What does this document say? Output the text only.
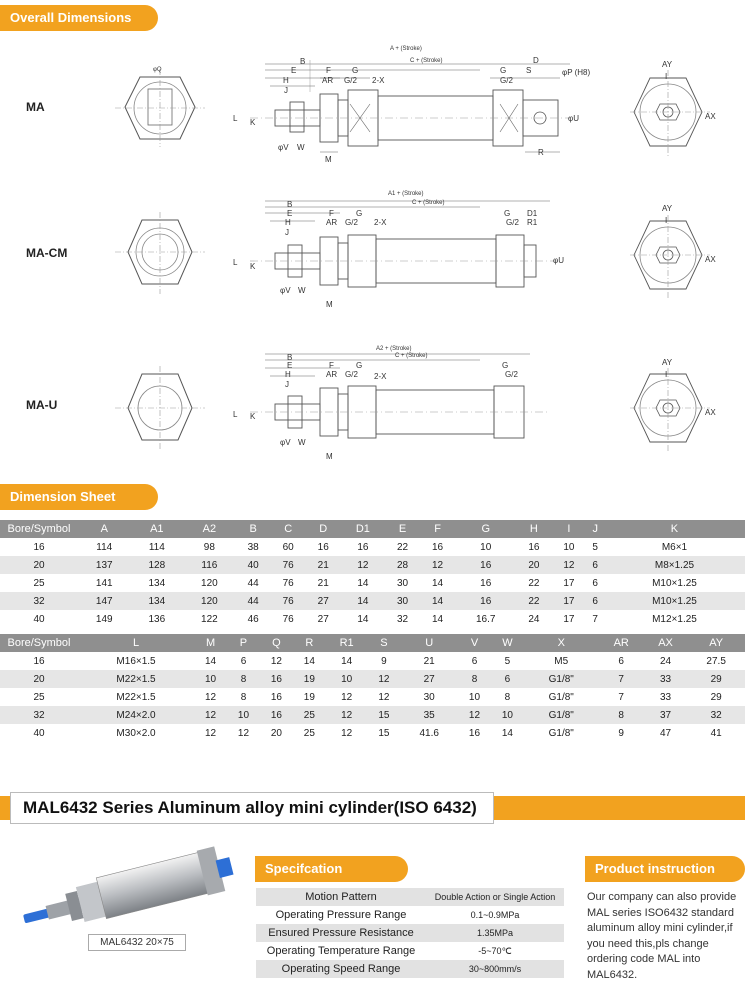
Overall Dimensions
MA
MA-CM
MA-U
φQ
A + (Stroke)
C + (Stroke)
B
E	F	G
H	AR G/2 2-X
J
G S
D
G/2
φP (H8)
L K	φU
φV W
M
R
AY
I
AX
A1 + (Stroke)
C + (Stroke)
B
E	F	G
H	AR G/2 2-X
J
G D1
G/2 R1
L K
φU
φV W
M
AY
I
AX
A2 + (Stroke)
C + (Stroke)
B
E	F	G
H	AR G/2 2-X
J
G
G/2
L K
φV W
M
AY
I
AX
Dimension Sheet
Bore/Symbol	A	A1	A2	B	C	D	D1	E	F	G	H	I	J	K
16	114	114	98	38	60	16	16	22	16	10	16	10	5	M6×1
20	137	128	116	40	76	21	12	28	12	16	20	12	6	M8×1.25
25	141	134	120	44	76	21	14	30	14	16	22	17	6	M10×1.25
32	147	134	120	44	76	27	14	30	14	16	22	17	6	M10×1.25
40	149	136	122	46	76	27	14	32	14	16.7	24	17	7	M12×1.25
Bore/Symbol	L	M	P	Q	R	R1	S	U	V	W	X	AR	AX	AY
16	M16×1.5	14	6	12	14	14	9	21	6	5	M5	6	24	27.5
20	M22×1.5	10	8	16	19	10	12	27	8	6	G1/8"	7	33	29
25	M22×1.5	12	8	16	19	12	12	30	10	8	G1/8"	7	33	29
32	M24×2.0	12	10	16	25	12	15	35	12	10	G1/8"	8	37	32
40	M30×2.0	12	12	20	25	12	15	41.6	16	14	G1/8"	9	47	41
MAL6432 Series Aluminum alloy mini cylinder(ISO 6432)
MAL6432 20×75
Specifcation
Motion Pattern	Double Action or Single Action
Operating Pressure Range	0.1~0.9MPa
Ensured Pressure Resistance	1.35MPa
Operating Temperature Range	-5~70℃
Operating Speed Range	30~800mm/s
Product instruction
Our company can also provide MAL series ISO6432 standard aluminum alloy mini cylinder,if you need this,pls change ordering code MAL into MAL6432.
